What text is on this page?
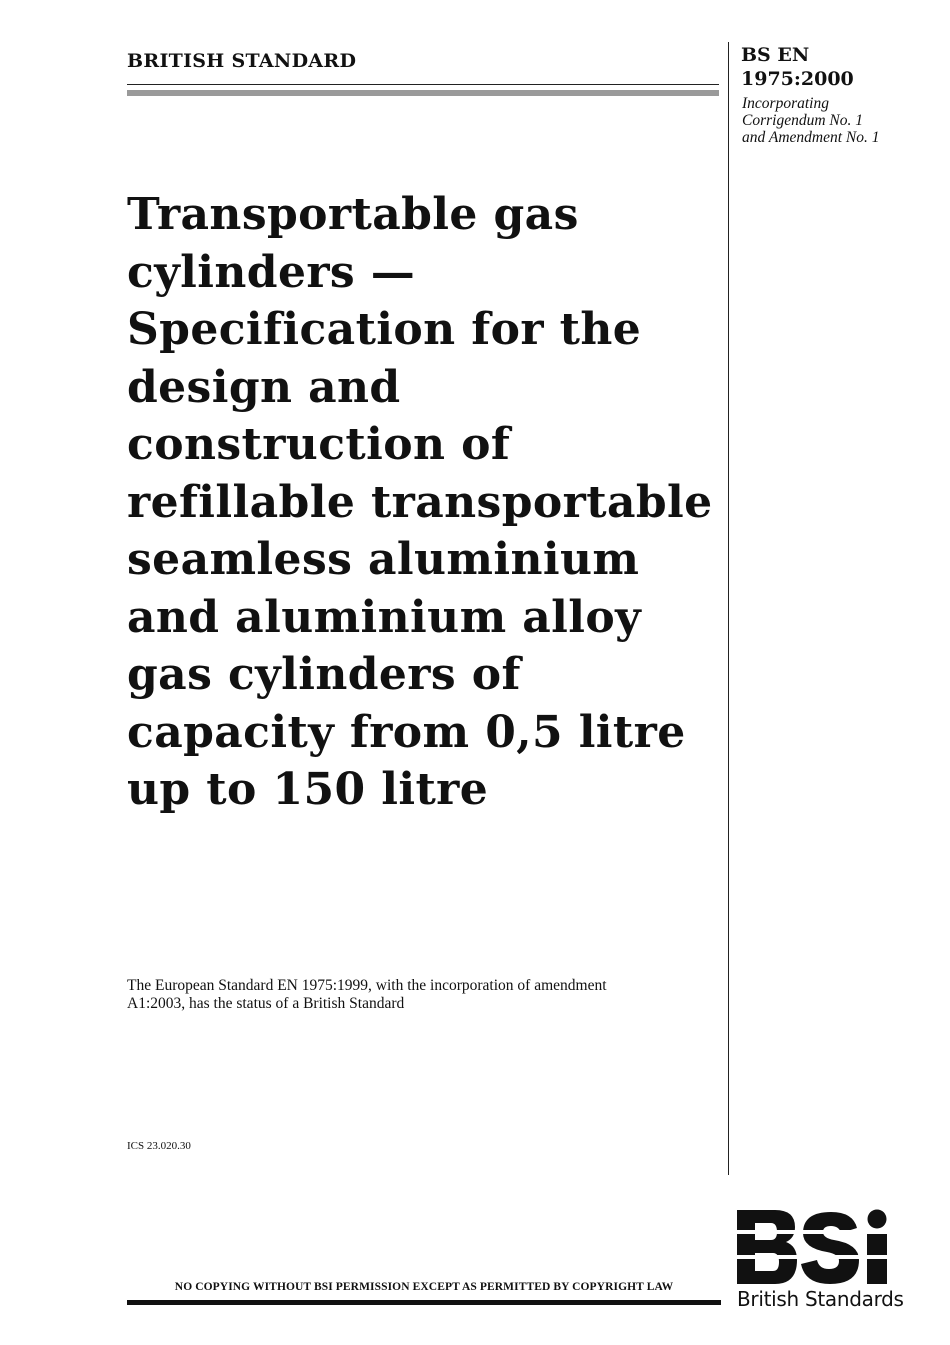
BRITISH STANDARD	BS EN
1975:2000
Incorporating
Corrigendum No. 1
and Amendment No. 1
Transportable gas cylinders — Specification for the design and construction of refillable transportable seamless aluminium and aluminium alloy gas cylinders of capacity from 0,5 litre up to 150 litre
The European Standard EN 1975:1999, with the incorporation of amendment A1:2003, has the status of a British Standard
ICS 23.020.30
NO COPYING WITHOUT BSI PERMISSION EXCEPT AS PERMITTED BY COPYRIGHT LAW	British Standards
